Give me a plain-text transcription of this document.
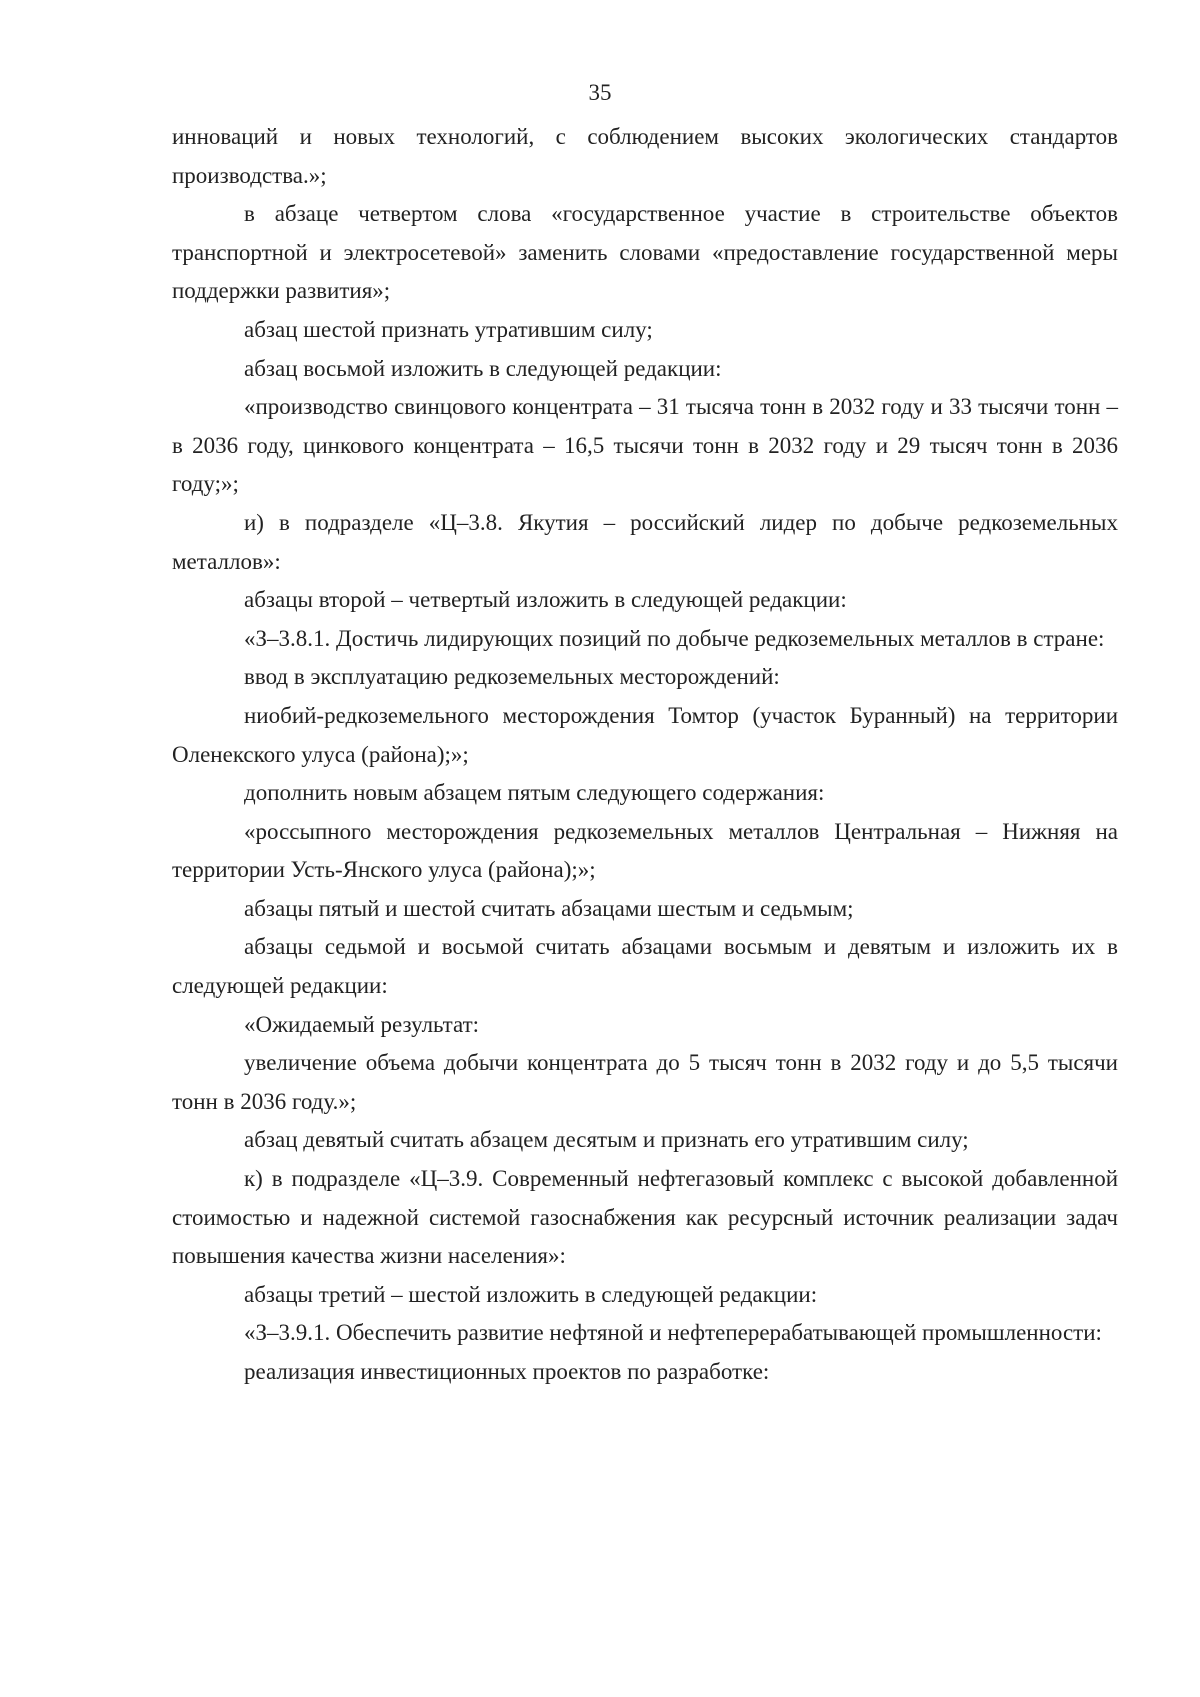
35

инноваций и новых технологий, с соблюдением высоких экологических стандартов производства.»;

в абзаце четвертом слова «государственное участие в строительстве объектов транспортной и электросетевой» заменить словами «предоставление государственной меры поддержки развития»;

абзац шестой признать утратившим силу;

абзац восьмой изложить в следующей редакции:

«производство свинцового концентрата – 31 тысяча тонн в 2032 году и 33 тысячи тонн – в 2036 году, цинкового концентрата – 16,5 тысячи тонн в 2032 году и 29 тысяч тонн в 2036 году;»;

и) в подразделе «Ц–3.8. Якутия – российский лидер по добыче редкоземельных металлов»:

абзацы второй – четвертый изложить в следующей редакции:

«З–3.8.1. Достичь лидирующих позиций по добыче редкоземельных металлов в стране:

ввод в эксплуатацию редкоземельных месторождений:

ниобий-редкоземельного месторождения Томтор (участок Буранный) на территории Оленекского улуса (района);»;

дополнить новым абзацем пятым следующего содержания:

«россыпного месторождения редкоземельных металлов Центральная – Нижняя на территории Усть-Янского улуса (района);»;

абзацы пятый и шестой считать абзацами шестым и седьмым;

абзацы седьмой и восьмой считать абзацами восьмым и девятым и изложить их в следующей редакции:

«Ожидаемый результат:

увеличение объема добычи концентрата до 5 тысяч тонн в 2032 году и до 5,5 тысячи тонн в 2036 году.»;

абзац девятый считать абзацем десятым и признать его утратившим силу;

к) в подразделе «Ц–3.9. Современный нефтегазовый комплекс с высокой добавленной стоимостью и надежной системой газоснабжения как ресурсный источник реализации задач повышения качества жизни населения»:

абзацы третий – шестой изложить в следующей редакции:

«З–3.9.1. Обеспечить развитие нефтяной и нефтеперерабатывающей промышленности:

реализация инвестиционных проектов по разработке:
